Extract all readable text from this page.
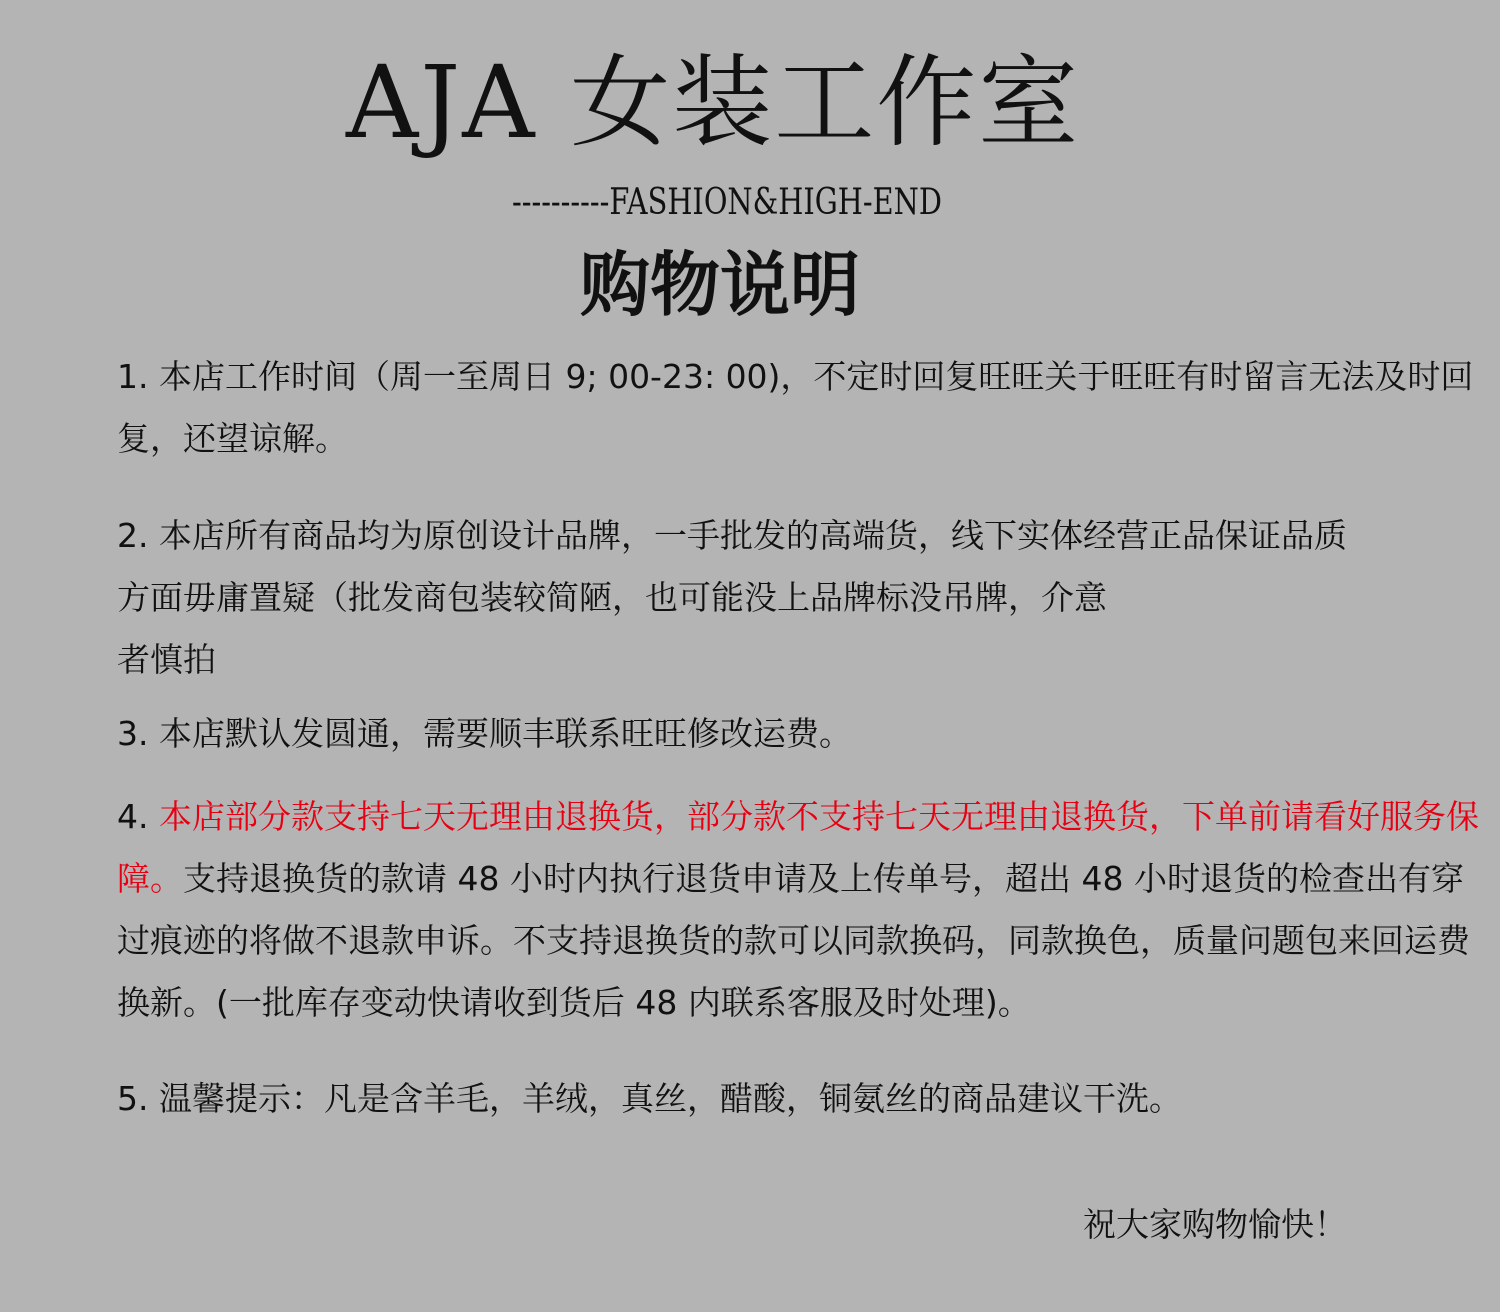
AJA 女装工作室
----------FASHION&HIGH-END
购物说明

1. 本店工作时间（周一至周日 9; 00-23: 00)，不定时回复旺旺关于旺旺有时留言无法及时回复，还望谅解。

2. 本店所有商品均为原创设计品牌，一手批发的高端货，线下实体经营正品保证品质
方面毋庸置疑（批发商包装较简陋，也可能没上品牌标没吊牌，介意
者慎拍

3. 本店默认发圆通，需要顺丰联系旺旺修改运费。

4. 本店部分款支持七天无理由退换货，部分款不支持七天无理由退换货，下单前请看好服务保障。支持退换货的款请 48 小时内执行退货申请及上传单号，超出 48 小时退货的检查出有穿过痕迹的将做不退款申诉。不支持退换货的款可以同款换码，同款换色，质量问题包来回运费换新。(一批库存变动快请收到货后 48 内联系客服及时处理)。

5. 温馨提示：凡是含羊毛，羊绒，真丝，醋酸，铜氨丝的商品建议干洗。

祝大家购物愉快！
